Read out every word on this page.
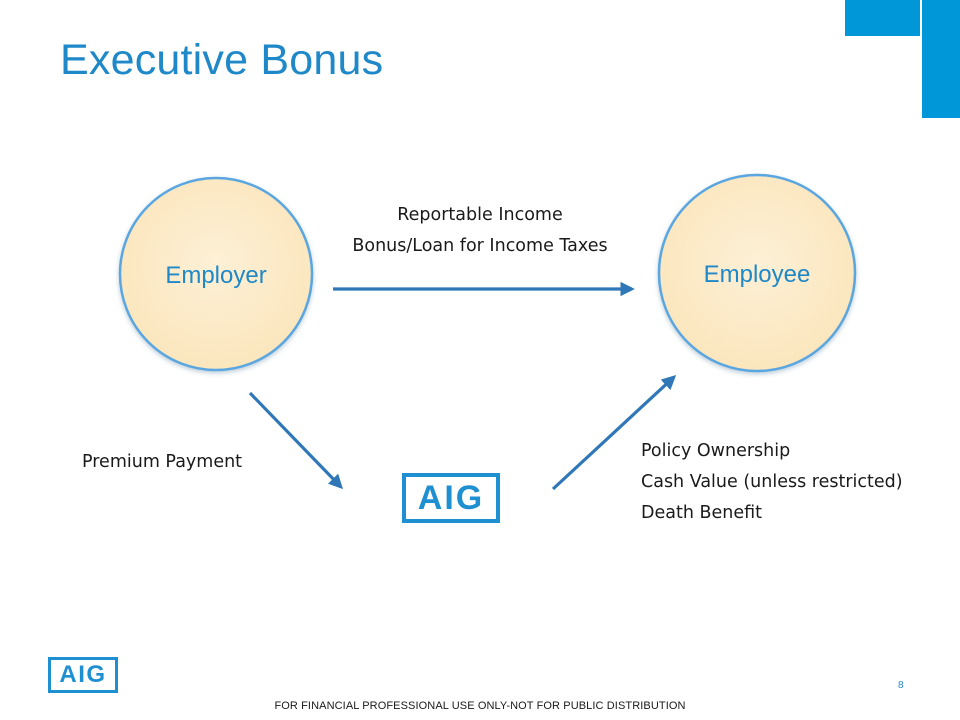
Executive Bonus
Employer	Employee
Reportable Income
Bonus/Loan for Income Taxes
Premium Payment
Policy Ownership
Cash Value (unless restricted)
Death Benefit
AIG
AIG	8
FOR FINANCIAL PROFESSIONAL USE ONLY-NOT FOR PUBLIC DISTRIBUTION
